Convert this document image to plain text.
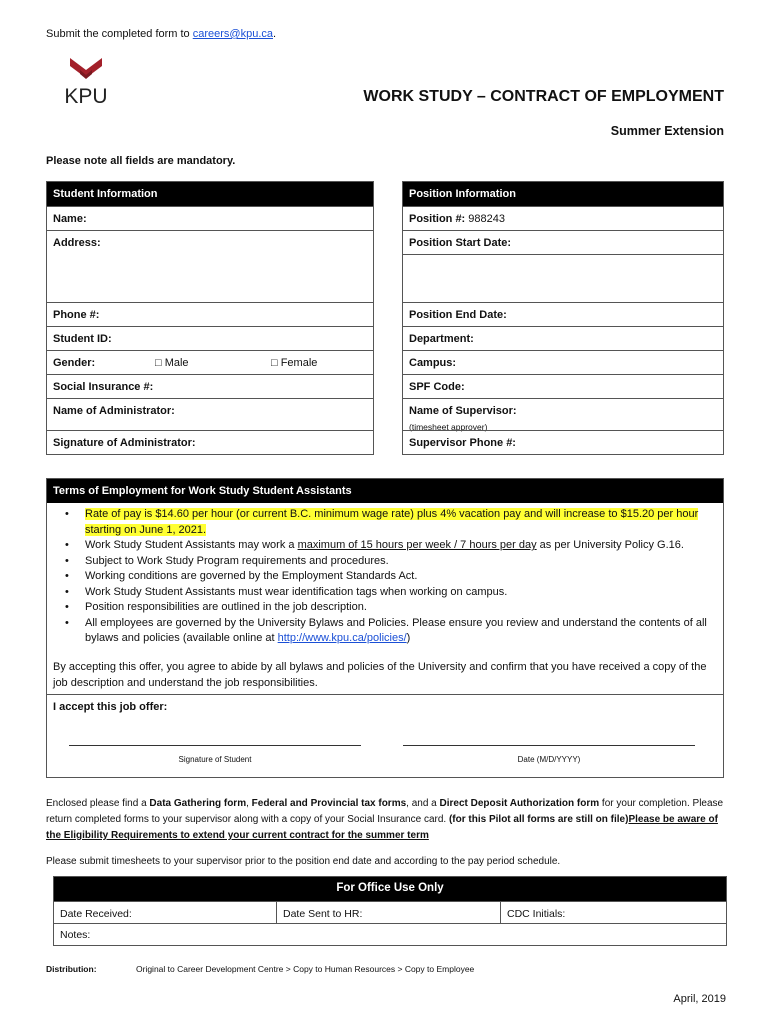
Submit the completed form to careers@kpu.ca.
KPU	WORK STUDY – CONTRACT OF EMPLOYMENT
Summer Extension
Please note all fields are mandatory.
Student Information
Name:
Address:
Phone #:
Student ID:
Gender:	□ Male	□ Female
Social Insurance #:
Name of Administrator:
Signature of Administrator:
Position Information
Position #: 988243
Position Start Date:
Position End Date:
Department:
Campus:
SPF Code:
Name of Supervisor:
(timesheet approver)
Supervisor Phone #:
Terms of Employment for Work Study Student Assistants
• Rate of pay is $14.60 per hour (or current B.C. minimum wage rate) plus 4% vacation pay and will increase to $15.20 per hour starting on June 1, 2021.
• Work Study Student Assistants may work a maximum of 15 hours per week / 7 hours per day as per University Policy G.16.
• Subject to Work Study Program requirements and procedures.
• Working conditions are governed by the Employment Standards Act.
• Work Study Student Assistants must wear identification tags when working on campus.
• Position responsibilities are outlined in the job description.
• All employees are governed by the University Bylaws and Policies. Please ensure you review and understand the contents of all bylaws and policies (available online at http://www.kpu.ca/policies/)
By accepting this offer, you agree to abide by all bylaws and policies of the University and confirm that you have received a copy of the job description and understand the job responsibilities.
I accept this job offer:
Signature of Student	Date (M/D/YYYY)
Enclosed please find a Data Gathering form, Federal and Provincial tax forms, and a Direct Deposit Authorization form for your completion. Please return completed forms to your supervisor along with a copy of your Social Insurance card. (for this Pilot all forms are still on file)Please be aware of the Eligibility Requirements to extend your current contract for the summer term
Please submit timesheets to your supervisor prior to the position end date and according to the pay period schedule.
For Office Use Only
Date Received:	Date Sent to HR:	CDC Initials:
Notes:
Distribution:	Original to Career Development Centre > Copy to Human Resources > Copy to Employee
April, 2019
